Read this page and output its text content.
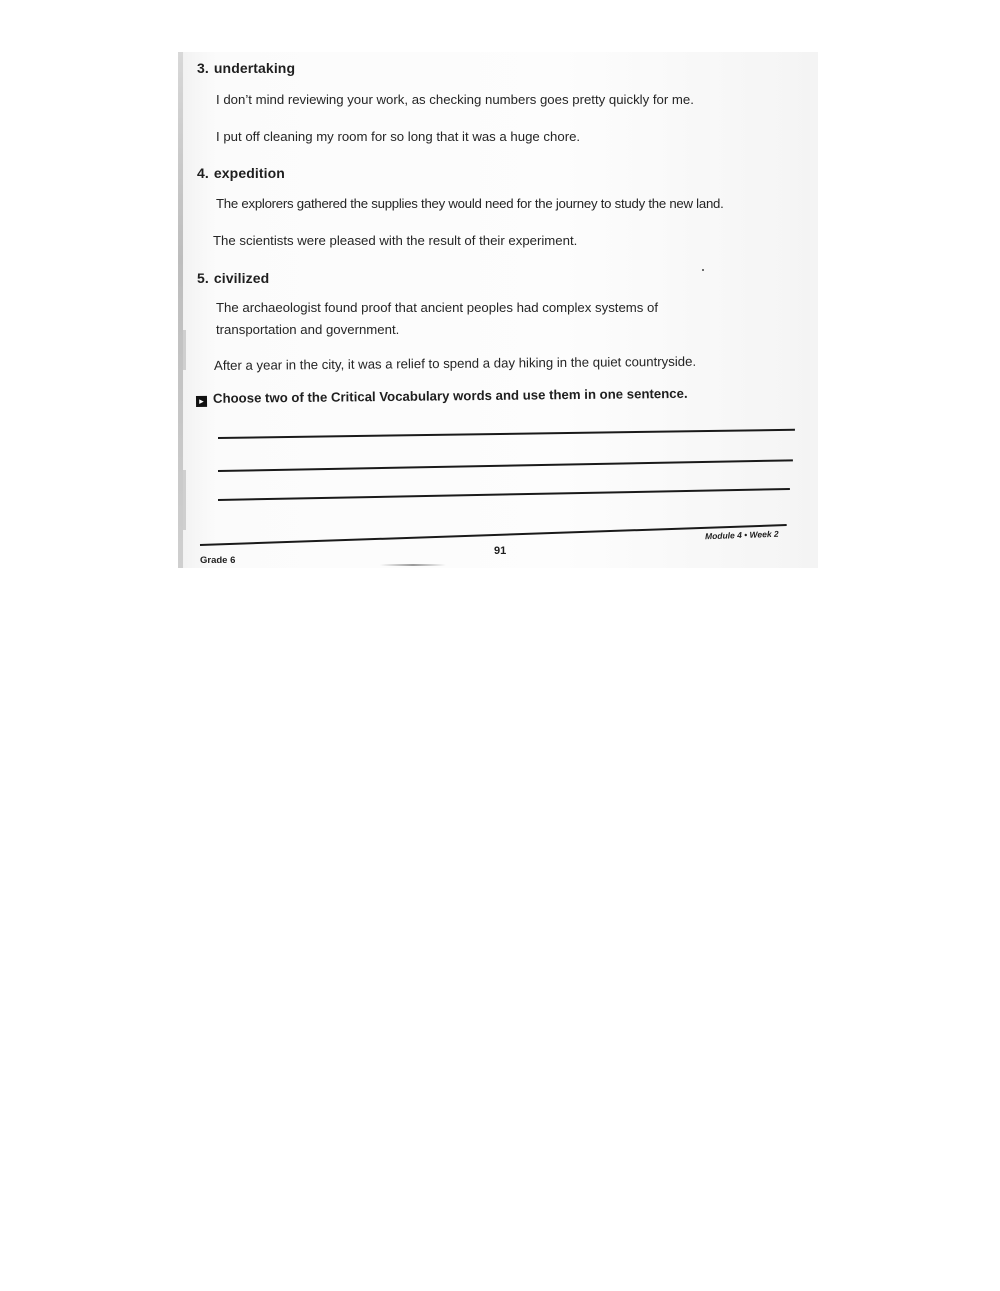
3. undertaking
I don’t mind reviewing your work, as checking numbers goes pretty quickly for me.
I put off cleaning my room for so long that it was a huge chore.
4. expedition
The explorers gathered the supplies they would need for the journey to study the new land.
The scientists were pleased with the result of their experiment.
5. civilized
The archaeologist found proof that ancient peoples had complex systems of transportation and government.
After a year in the city, it was a relief to spend a day hiking in the quiet countryside.
▸ Choose two of the Critical Vocabulary words and use them in one sentence.
Grade 6
91
Module 4 • Week 2
